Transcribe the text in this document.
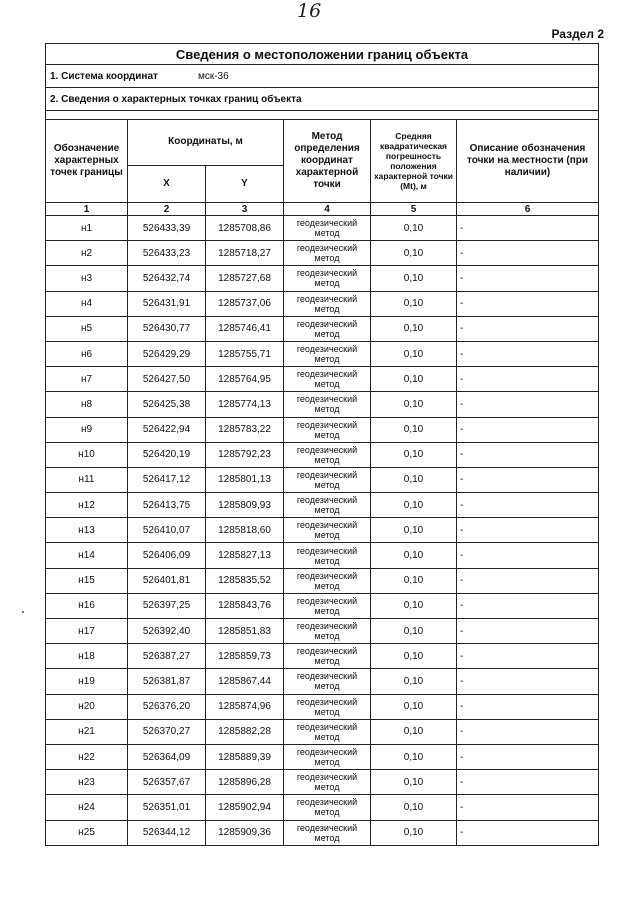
16
Раздел 2
Сведения о местоположении границ объекта					
1. Система координат мск-36					
2. Сведения о характерных точках границ объекта					

Обозначение характерных точек границы	Координаты, м		Метод определения координат характерной точки	Средняя квадратическая погрешность положения характерной точки (Mt), м	Описание обозначения точки на местности (при наличии)
	X	Y			
1	2	3	4	5	6
н1	526433,39	1285708,86	геодезический метод	0,10	-
н2	526433,23	1285718,27	геодезический метод	0,10	-
н3	526432,74	1285727,68	геодезический метод	0,10	-
н4	526431,91	1285737,06	геодезический метод	0,10	-
н5	526430,77	1285746,41	геодезический метод	0,10	-
н6	526429,29	1285755,71	геодезический метод	0,10	-
н7	526427,50	1285764,95	геодезический метод	0,10	-
н8	526425,38	1285774,13	геодезический метод	0,10	-
н9	526422,94	1285783,22	геодезический метод	0,10	-
н10	526420,19	1285792,23	геодезический метод	0,10	-
н11	526417,12	1285801,13	геодезический метод	0,10	-
н12	526413,75	1285809,93	геодезический метод	0,10	-
н13	526410,07	1285818,60	геодезический метод	0,10	-
н14	526406,09	1285827,13	геодезический метод	0,10	-
н15	526401,81	1285835,52	геодезический метод	0,10	-
н16	526397,25	1285843,76	геодезический метод	0,10	-
н17	526392,40	1285851,83	геодезический метод	0,10	-
н18	526387,27	1285859,73	геодезический метод	0,10	-
н19	526381,87	1285867,44	геодезический метод	0,10	-
н20	526376,20	1285874,96	геодезический метод	0,10	-
н21	526370,27	1285882,28	геодезический метод	0,10	-
н22	526364,09	1285889,39	геодезический метод	0,10	-
н23	526357,67	1285896,28	геодезический метод	0,10	-
н24	526351,01	1285902,94	геодезический метод	0,10	-
н25	526344,12	1285909,36	геодезический метод	0,10	-
